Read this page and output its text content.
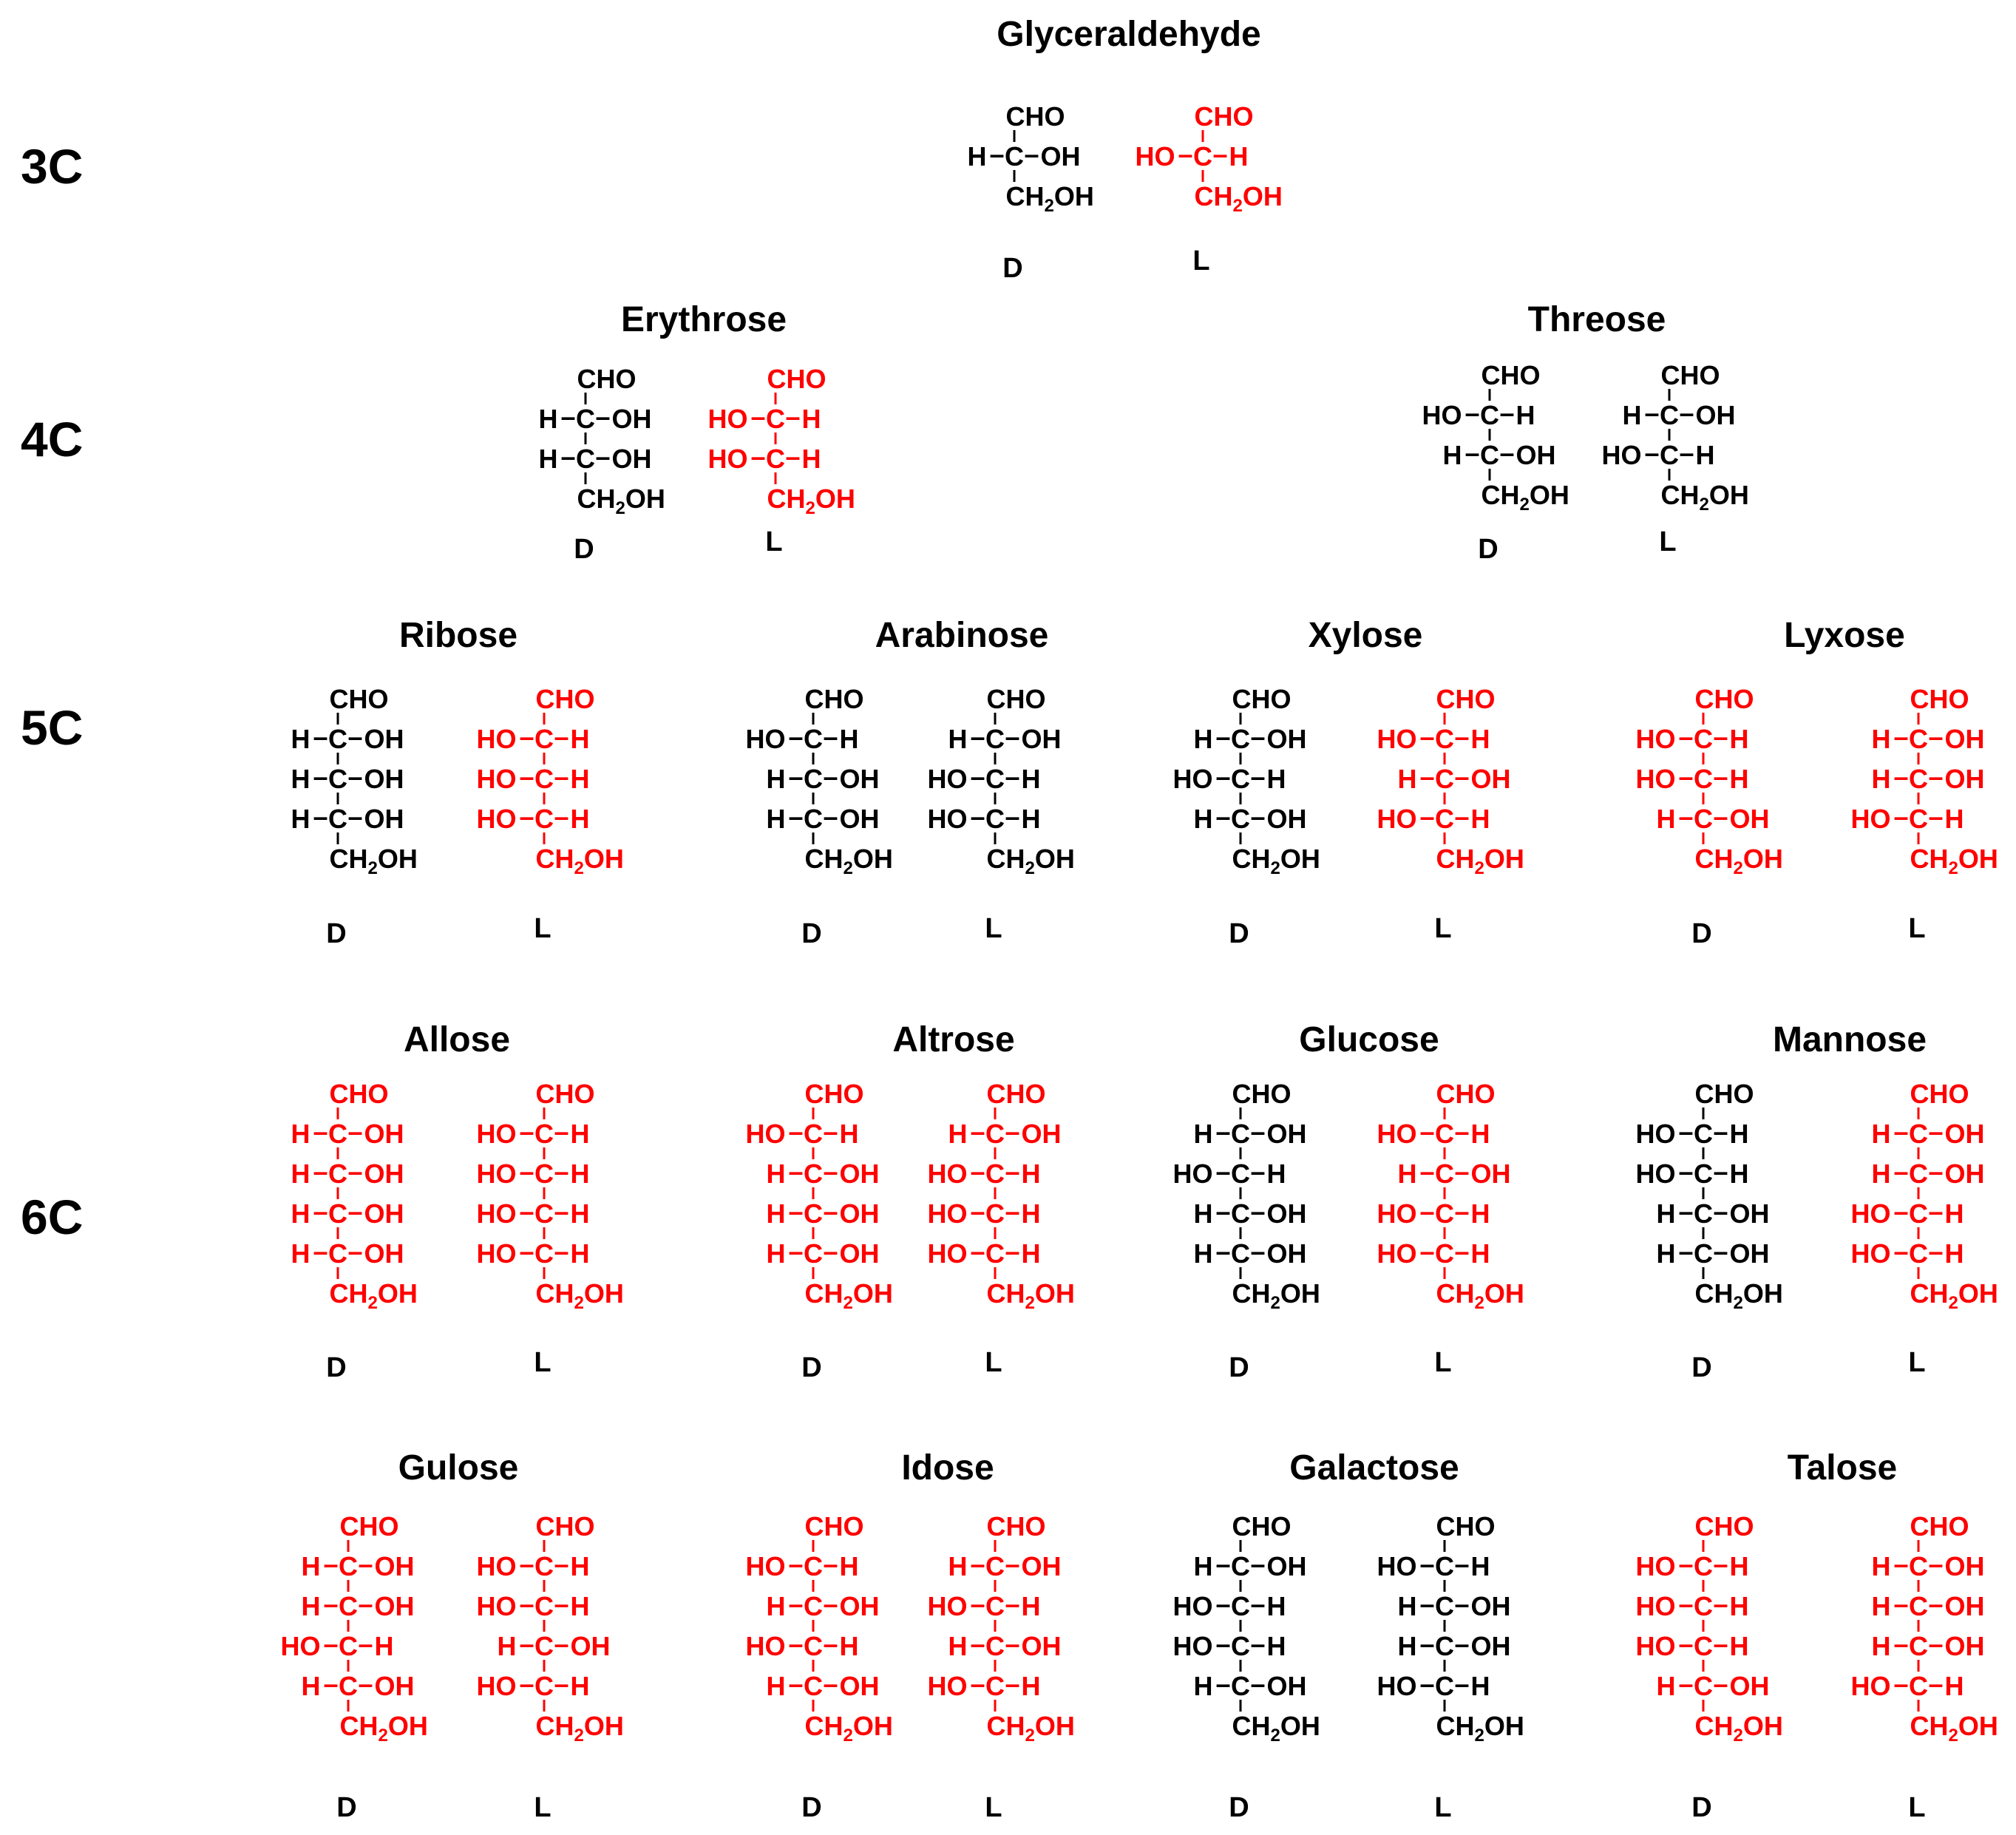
3C
4C
5C
6C
Glyceraldehyde
CHO
C
H – – OH
$CH_2OH$
CHO
C
HO – – H
$CH_2OH$
D	L
Erythrose
CHO
C
H – – OH
C
H – – OH
$CH_2OH$
CHO
C
HO – – H
C
HO – – H
$CH_2OH$
D	L
Threose
CHO
C
HO – – H
C
H – – OH
$CH_2OH$
CHO
C
H – – OH
C
HO – – H
$CH_2OH$
D	L
Ribose
CHO
C
H – – OH
C
H – – OH
C
H – – OH
$CH_2OH$
CHO
C
HO – – H
C
HO – – H
C
HO – – H
$CH_2OH$
D	L
Arabinose
CHO
C
HO – – H
C
H – – OH
C
H – – OH
$CH_2OH$
CHO
C
H – – OH
C
HO – – H
C
HO – – H
$CH_2OH$
D	L
Xylose
CHO
C
H – – OH
C
HO – – H
C
H – – OH
$CH_2OH$
CHO
C
HO – – H
C
H – – OH
C
HO – – H
$CH_2OH$
D	L
Lyxose
CHO
C
HO – – H
C
HO – – H
C
H – – OH
$CH_2OH$
CHO
C
H – – OH
C
H – – OH
C
HO – – H
$CH_2OH$
D	L
Allose
CHO
C
H – – OH
C
H – – OH
C
H – – OH
C
H – – OH
$CH_2OH$
CHO
C
HO – – H
C
HO – – H
C
HO – – H
C
HO – – H
$CH_2OH$
D	L
Altrose
CHO
C
HO – – H
C
H – – OH
C
H – – OH
C
H – – OH
$CH_2OH$
CHO
C
H – – OH
C
HO – – H
C
HO – – H
C
HO – – H
$CH_2OH$
D	L
Glucose
CHO
C
H – – OH
C
HO – – H
C
H – – OH
C
H – – OH
$CH_2OH$
CHO
C
HO – – H
C
H – – OH
C
HO – – H
C
HO – – H
$CH_2OH$
D	L
Mannose
CHO
C
HO – – H
C
HO – – H
C
H – – OH
C
H – – OH
$CH_2OH$
CHO
C
H – – OH
C
H – – OH
C
HO – – H
C
HO – – H
$CH_2OH$
D	L
Gulose
CHO
C
H – – OH
C
H – – OH
C
HO – – H
C
H – – OH
$CH_2OH$
CHO
C
HO – – H
C
HO – – H
C
H – – OH
C
HO – – H
$CH_2OH$
D	L
Idose
CHO
C
HO – – H
C
H – – OH
C
HO – – H
C
H – – OH
$CH_2OH$
CHO
C
H – – OH
C
HO – – H
C
H – – OH
C
HO – – H
$CH_2OH$
D	L
Galactose
CHO
C
H – – OH
C
HO – – H
C
HO – – H
C
H – – OH
$CH_2OH$
CHO
C
HO – – H
C
H – – OH
C
H – – OH
C
HO – – H
$CH_2OH$
D	L
Talose
CHO
C
HO – – H
C
HO – – H
C
HO – – H
C
H – – OH
$CH_2OH$
CHO
C
H – – OH
C
H – – OH
C
H – – OH
C
HO – – H
$CH_2OH$
D	L
